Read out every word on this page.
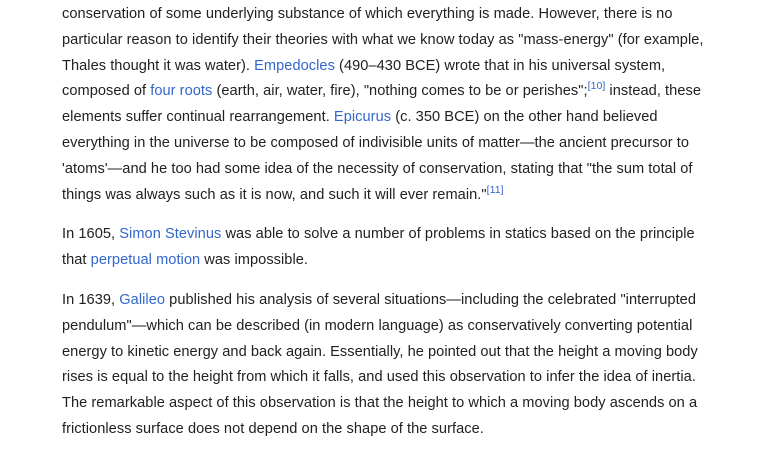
conservation of some underlying substance of which everything is made. However, there is no particular reason to identify their theories with what we know today as "mass-energy" (for example, Thales thought it was water). Empedocles (490–430 BCE) wrote that in his universal system, composed of four roots (earth, air, water, fire), "nothing comes to be or perishes";[10] instead, these elements suffer continual rearrangement. Epicurus (c. 350 BCE) on the other hand believed everything in the universe to be composed of indivisible units of matter—the ancient precursor to 'atoms'—and he too had some idea of the necessity of conservation, stating that "the sum total of things was always such as it is now, and such it will ever remain."[11]

In 1605, Simon Stevinus was able to solve a number of problems in statics based on the principle that perpetual motion was impossible.

In 1639, Galileo published his analysis of several situations—including the celebrated "interrupted pendulum"—which can be described (in modern language) as conservatively converting potential energy to kinetic energy and back again. Essentially, he pointed out that the height a moving body rises is equal to the height from which it falls, and used this observation to infer the idea of inertia. The remarkable aspect of this observation is that the height to which a moving body ascends on a frictionless surface does not depend on the shape of the surface.
